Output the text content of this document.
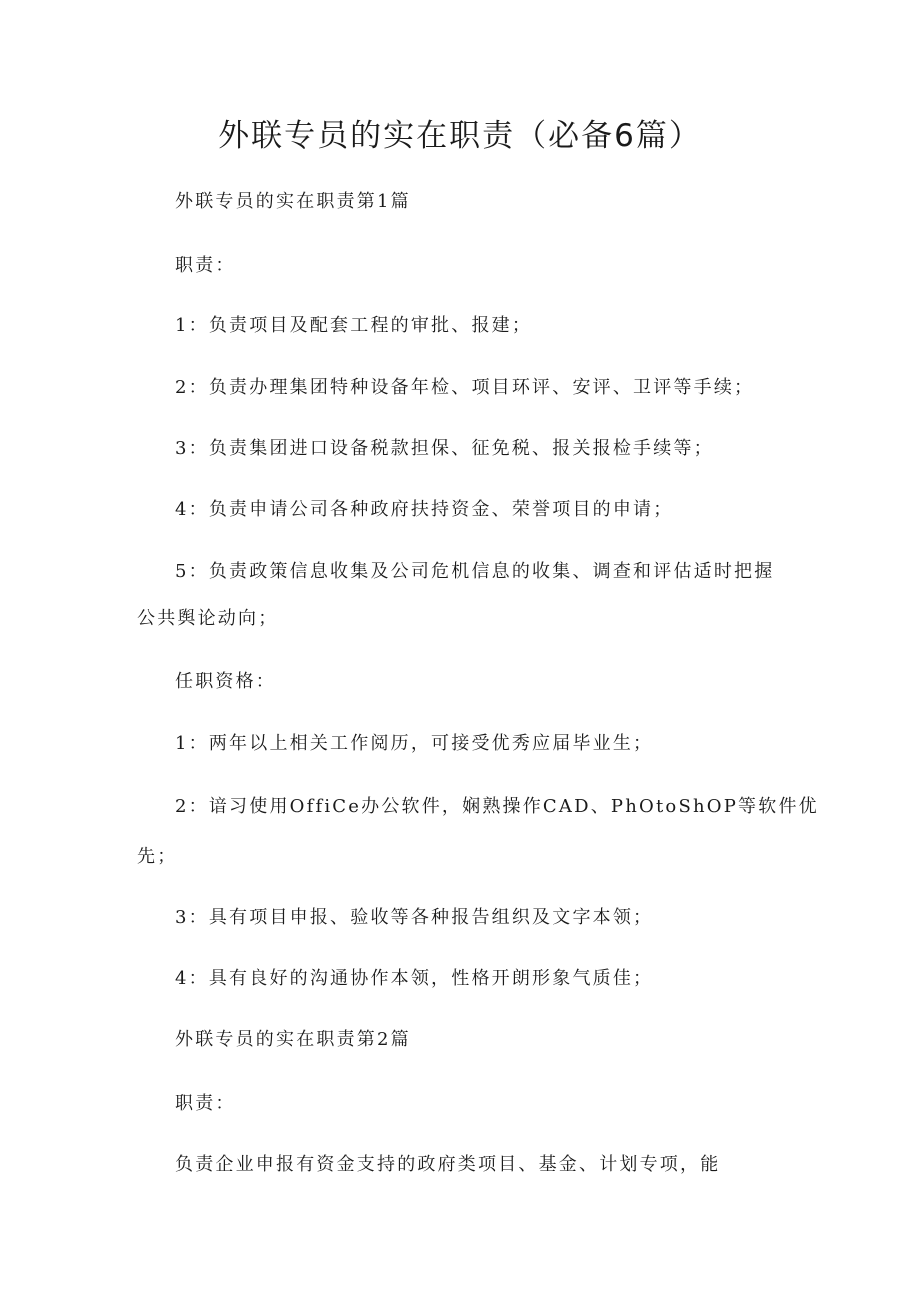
外联专员的实在职责（必备6篇）
外联专员的实在职责第1篇
职责：
1：负责项目及配套工程的审批、报建；
2：负责办理集团特种设备年检、项目环评、安评、卫评等手续；
3：负责集团进口设备税款担保、征免税、报关报检手续等；
4：负责申请公司各种政府扶持资金、荣誉项目的申请；
5：负责政策信息收集及公司危机信息的收集、调查和评估适时把握
公共舆论动向；
任职资格：
1：两年以上相关工作阅历，可接受优秀应届毕业生；
2：谙习使用OffiCe办公软件，娴熟操作CAD、PhOtoShOP等软件优
先；
3：具有项目申报、验收等各种报告组织及文字本领；
4：具有良好的沟通协作本领，性格开朗形象气质佳；
外联专员的实在职责第2篇
职责：
负责企业申报有资金支持的政府类项目、基金、计划专项，能
